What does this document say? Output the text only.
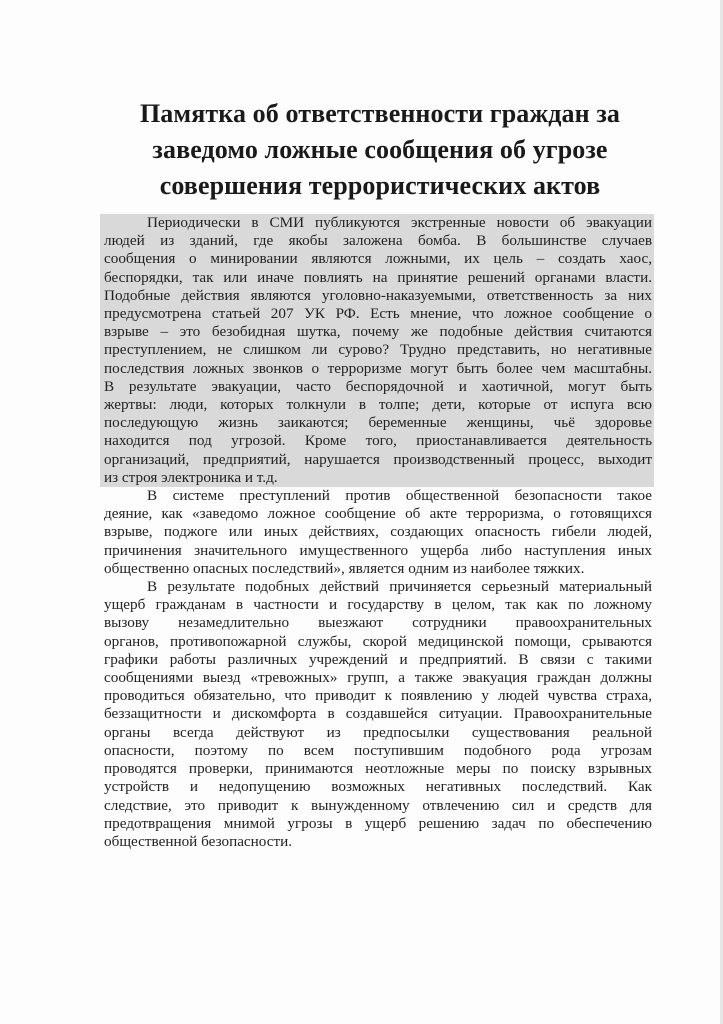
Памятка об ответственности граждан за
заведомо ложные сообщения об угрозе
совершения террористических актов
Периодически в СМИ публикуются экстренные новости об эвакуации
людей из зданий, где якобы заложена бомба. В большинстве случаев
сообщения о минировании являются ложными, их цель – создать хаос,
беспорядки, так или иначе повлиять на принятие решений органами власти.
Подобные действия являются уголовно-наказуемыми, ответственность за них
предусмотрена статьей 207 УК РФ. Есть мнение, что ложное сообщение о
взрыве – это безобидная шутка, почему же подобные действия считаются
преступлением, не слишком ли сурово? Трудно представить, но негативные
последствия ложных звонков о терроризме могут быть более чем масштабны.
В результате эвакуации, часто беспорядочной и хаотичной, могут быть
жертвы: люди, которых толкнули в толпе; дети, которые от испуга всю
последующую жизнь заикаются; беременные женщины, чьё здоровье
находится под угрозой. Кроме того, приостанавливается деятельность
организаций, предприятий, нарушается производственный процесс, выходит
из строя электроника и т.д.
В системе преступлений против общественной безопасности такое
деяние, как «заведомо ложное сообщение об акте терроризма, о готовящихся
взрыве, поджоге или иных действиях, создающих опасность гибели людей,
причинения значительного имущественного ущерба либо наступления иных
общественно опасных последствий», является одним из наиболее тяжких.
В результате подобных действий причиняется серьезный материальный
ущерб гражданам в частности и государству в целом, так как по ложному
вызову незамедлительно выезжают сотрудники правоохранительных
органов, противопожарной службы, скорой медицинской помощи, срываются
графики работы различных учреждений и предприятий. В связи с такими
сообщениями выезд «тревожных» групп, а также эвакуация граждан должны
проводиться обязательно, что приводит к появлению у людей чувства страха,
беззащитности и дискомфорта в создавшейся ситуации. Правоохранительные
органы всегда действуют из предпосылки существования реальной
опасности, поэтому по всем поступившим подобного рода угрозам
проводятся проверки, принимаются неотложные меры по поиску взрывных
устройств и недопущению возможных негативных последствий. Как
следствие, это приводит к вынужденному отвлечению сил и средств для
предотвращения мнимой угрозы в ущерб решению задач по обеспечению
общественной безопасности.
